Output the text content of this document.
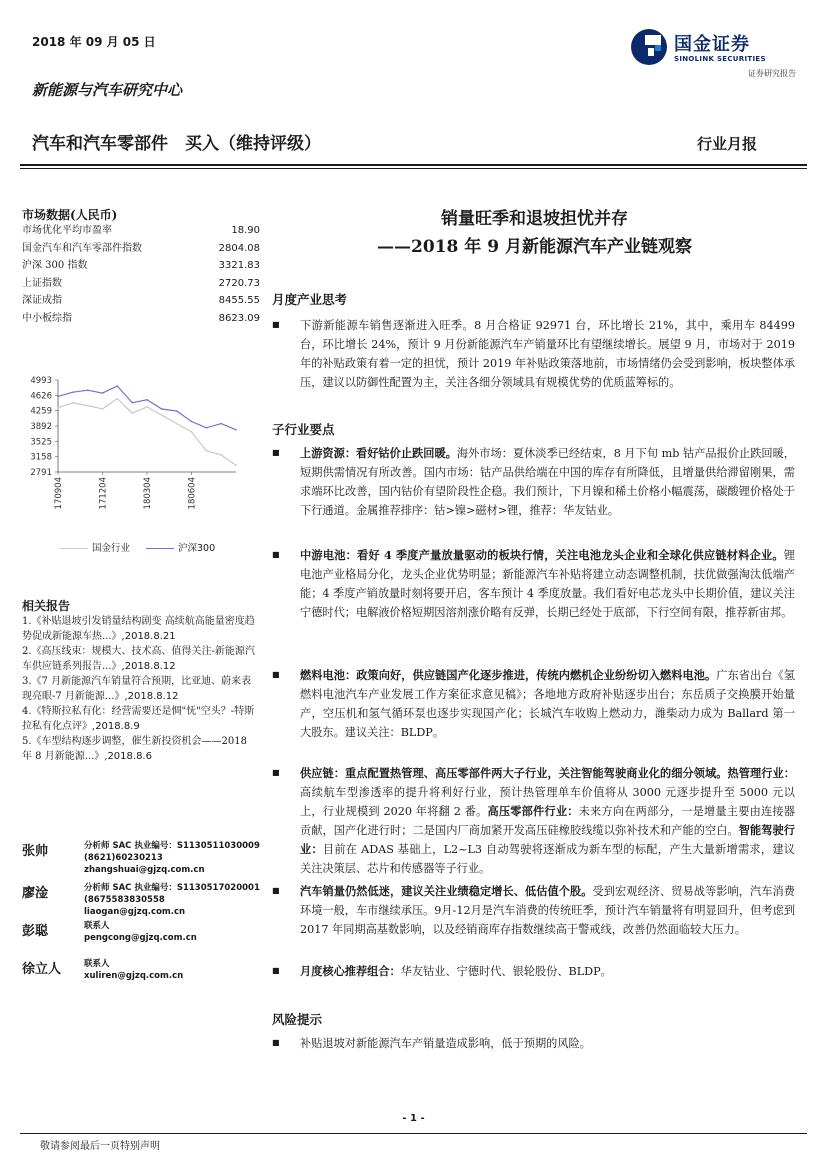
2018 年 09 月 05 日
新能源与汽车研究中心
国金证券
SINOLINK SECURITIES
证券研究报告
汽车和汽车零部件　买入（维持评级）	行业月报
市场数据(人民币)
市场优化平均市盈率	18.90
国金汽车和汽车零部件指数	2804.08
沪深 300 指数	3321.83
上证指数	2720.73
深证成指	8455.55
中小板综指	8623.09
4993
4626
4259
3892
3525
3158
2791
170904	171204	180304	180604
国金行业	沪深300
相关报告
1.《补贴退坡引发销量结构剧变 高续航高能量密度趋势促成新能源车热...》,2018.8.21
2.《高压线束：规模大、技术高、值得关注-新能源汽车供应链系列报告...》,2018.8.12
3.《7 月新能源汽车销量符合预期，比亚迪、蔚来表现亮眼-7 月新能源...》,2018.8.12
4.《特斯拉私有化：经营需要还是惆"怃"空头？-特斯拉私有化点评》,2018.8.9
5.《车型结构逐步调整，催生新投资机会——2018 年 8 月新能源...》,2018.8.6
张帅	分析师 SAC 执业编号：S1130511030009
(8621)60230213
zhangshuai@gjzq.com.cn
廖淦	分析师 SAC 执业编号：S1130517020001
(8675583830558
liaogan@gjzq.com.cn
彭聪	联系人
pengcong@gjzq.com.cn
徐立人	联系人
xuliren@gjzq.com.cn
销量旺季和退坡担忧并存
——2018 年 9 月新能源汽车产业链观察
月度产业思考
■	下游新能源车销售逐渐进入旺季。8 月合格证 92971 台，环比增长 21%，其中，乘用车 84499 台，环比增长 24%，预计 9 月份新能源汽车产销量环比有望继续增长。展望 9 月，市场对于 2019 年的补贴政策有着一定的担忧，预计 2019 年补贴政策落地前，市场情绪仍会受到影响，板块整体承压，建议以防御性配置为主，关注各细分领域具有规模优势的优质蓝筹标的。
子行业要点
■	上游资源：看好钴价止跌回暖。海外市场：夏休淡季已经结束，8 月下旬 mb 钴产品报价止跌回暖，短期供需情况有所改善。国内市场：钴产品供给端在中国的库存有所降低，且增量供给滞留刚果，需求端环比改善，国内钴价有望阶段性企稳。我们预计，下月镍和稀土价格小幅震荡，碳酸锂价格处于下行通道。金属推荐排序：钴>镍>磁材>锂，推荐：华友钴业。
■	中游电池：看好 4 季度产量放量驱动的板块行情，关注电池龙头企业和全球化供应链材料企业。锂电池产业格局分化，龙头企业优势明显；新能源汽车补贴将建立动态调整机制，扶优做强淘汰低端产能；4 季度产销放量时刻将要开启，客车预计 4 季度放量。我们看好电芯龙头中长期价值，建议关注宁德时代；电解液价格短期因溶剂涨价略有反弹，长期已经处于底部，下行空间有限，推荐新宙邦。
■	燃料电池：政策向好，供应链国产化逐步推进，传统内燃机企业纷纷切入燃料电池。广东省出台《氢燃料电池汽车产业发展工作方案征求意见稿》；各地地方政府补贴逐步出台；东岳质子交换膜开始量产，空压机和氢气循环泵也逐步实现国产化；长城汽车收购上燃动力，潍柴动力成为 Ballard 第一大股东。建议关注：BLDP。
■	供应链：重点配置热管理、高压零部件两大子行业，关注智能驾驶商业化的细分领域。热管理行业：高续航车型渗透率的提升将利好行业，预计热管理单车价值将从 3000 元逐步提升至 5000 元以上，行业规模到 2020 年将翻 2 番。高压零部件行业：未来方向在两部分，一是增量主要由连接器贡献，国产化进行时；二是国内厂商加紧开发高压硅橡胶线缆以弥补技术和产能的空白。智能驾驶行业：目前在 ADAS 基础上，L2~L3 自动驾驶将逐渐成为新车型的标配，产生大量新增需求，建议关注决策层、芯片和传感器等子行业。
■	汽车销量仍然低迷，建议关注业绩稳定增长、低估值个股。受到宏观经济、贸易战等影响，汽车消费环境一般，车市继续承压。9月-12月是汽车消费的传统旺季，预计汽车销量将有明显回升，但考虑到 2017 年同期高基数影响，以及经销商库存指数继续高于警戒线，改善仍然面临较大压力。
■	月度核心推荐组合：华友钴业、宁德时代、银轮股份、BLDP。
风险提示
■	补贴退坡对新能源汽车产销量造成影响，低于预期的风险。
- 1 -
敬请参阅最后一页特别声明
